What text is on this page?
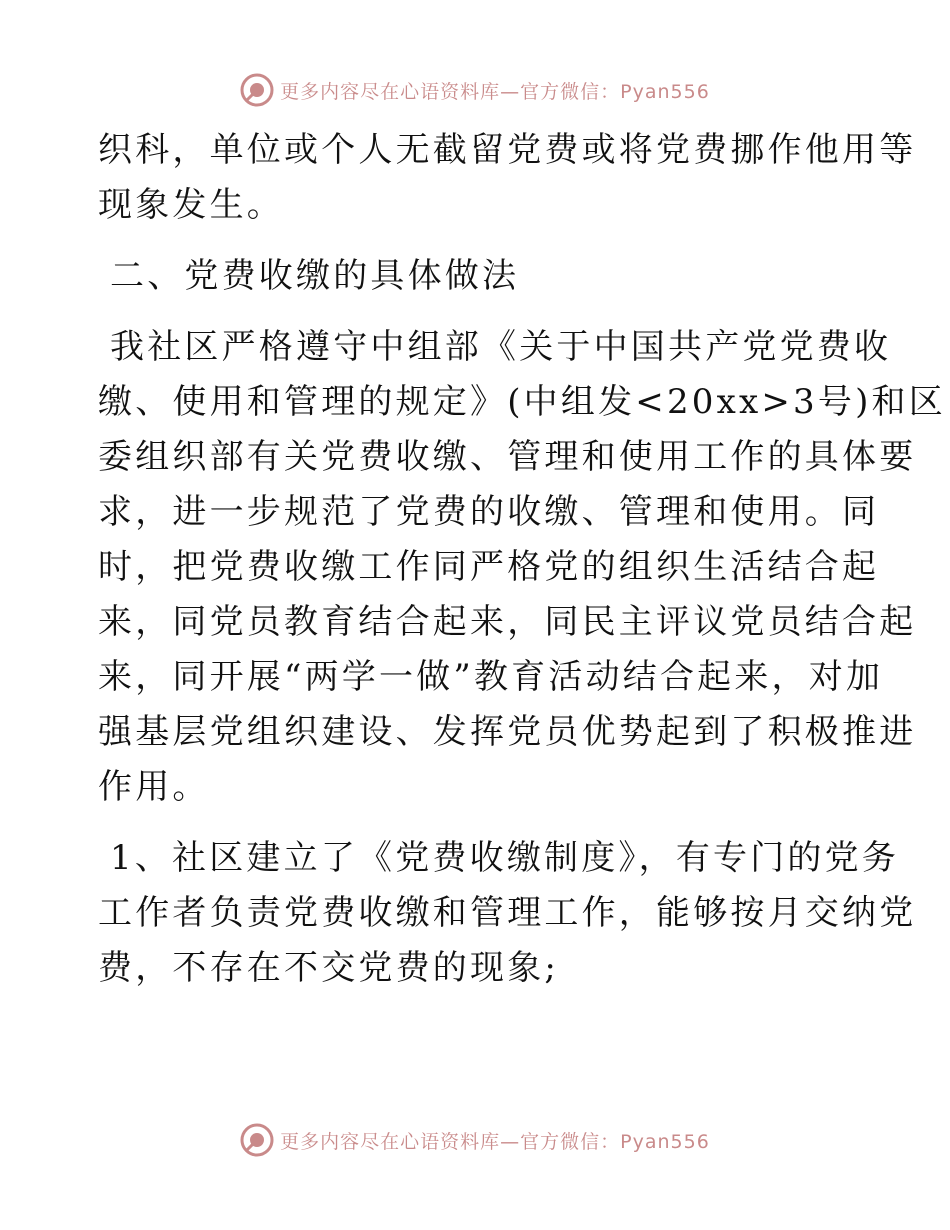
更多内容尽在心语资料库—官方微信：Pyan556

织科，单位或个人无截留党费或将党费挪作他用等
现象发生。

二、党费收缴的具体做法

我社区严格遵守中组部《关于中国共产党党费收
缴、使用和管理的规定》(中组发<20xx>3号)和区
委组织部有关党费收缴、管理和使用工作的具体要
求，进一步规范了党费的收缴、管理和使用。同
时，把党费收缴工作同严格党的组织生活结合起
来，同党员教育结合起来，同民主评议党员结合起
来，同开展“两学一做”教育活动结合起来，对加
强基层党组织建设、发挥党员优势起到了积极推进
作用。

1、社区建立了《党费收缴制度》，有专门的党务
工作者负责党费收缴和管理工作，能够按月交纳党
费，不存在不交党费的现象;

更多内容尽在心语资料库—官方微信：Pyan556
